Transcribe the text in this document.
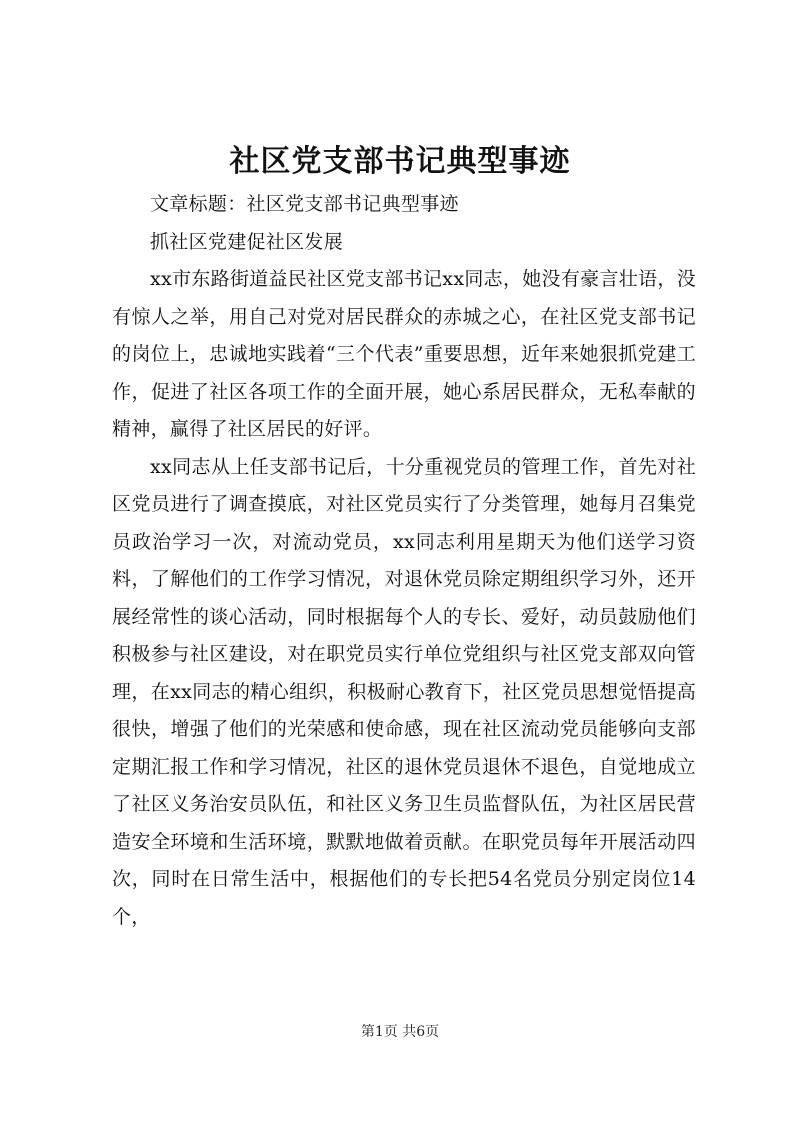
社区党支部书记典型事迹

文章标题：社区党支部书记典型事迹

抓社区党建促社区发展

xx市东路街道益民社区党支部书记xx同志，她没有豪言壮语，没有惊人之举，用自己对党对居民群众的赤城之心，在社区党支部书记的岗位上，忠诚地实践着“三个代表”重要思想，近年来她狠抓党建工作，促进了社区各项工作的全面开展，她心系居民群众，无私奉献的精神，赢得了社区居民的好评。

xx同志从上任支部书记后，十分重视党员的管理工作，首先对社区党员进行了调查摸底，对社区党员实行了分类管理，她每月召集党员政治学习一次，对流动党员，xx同志利用星期天为他们送学习资料，了解他们的工作学习情况，对退休党员除定期组织学习外，还开展经常性的谈心活动，同时根据每个人的专长、爱好，动员鼓励他们积极参与社区建设，对在职党员实行单位党组织与社区党支部双向管理，在xx同志的精心组织，积极耐心教育下，社区党员思想觉悟提高很快，增强了他们的光荣感和使命感，现在社区流动党员能够向支部定期汇报工作和学习情况，社区的退休党员退休不退色，自觉地成立了社区义务治安员队伍，和社区义务卫生员监督队伍，为社区居民营造安全环境和生活环境，默默地做着贡献。在职党员每年开展活动四次，同时在日常生活中，根据他们的专长把54名党员分别定岗位14个，

第1页 共6页
